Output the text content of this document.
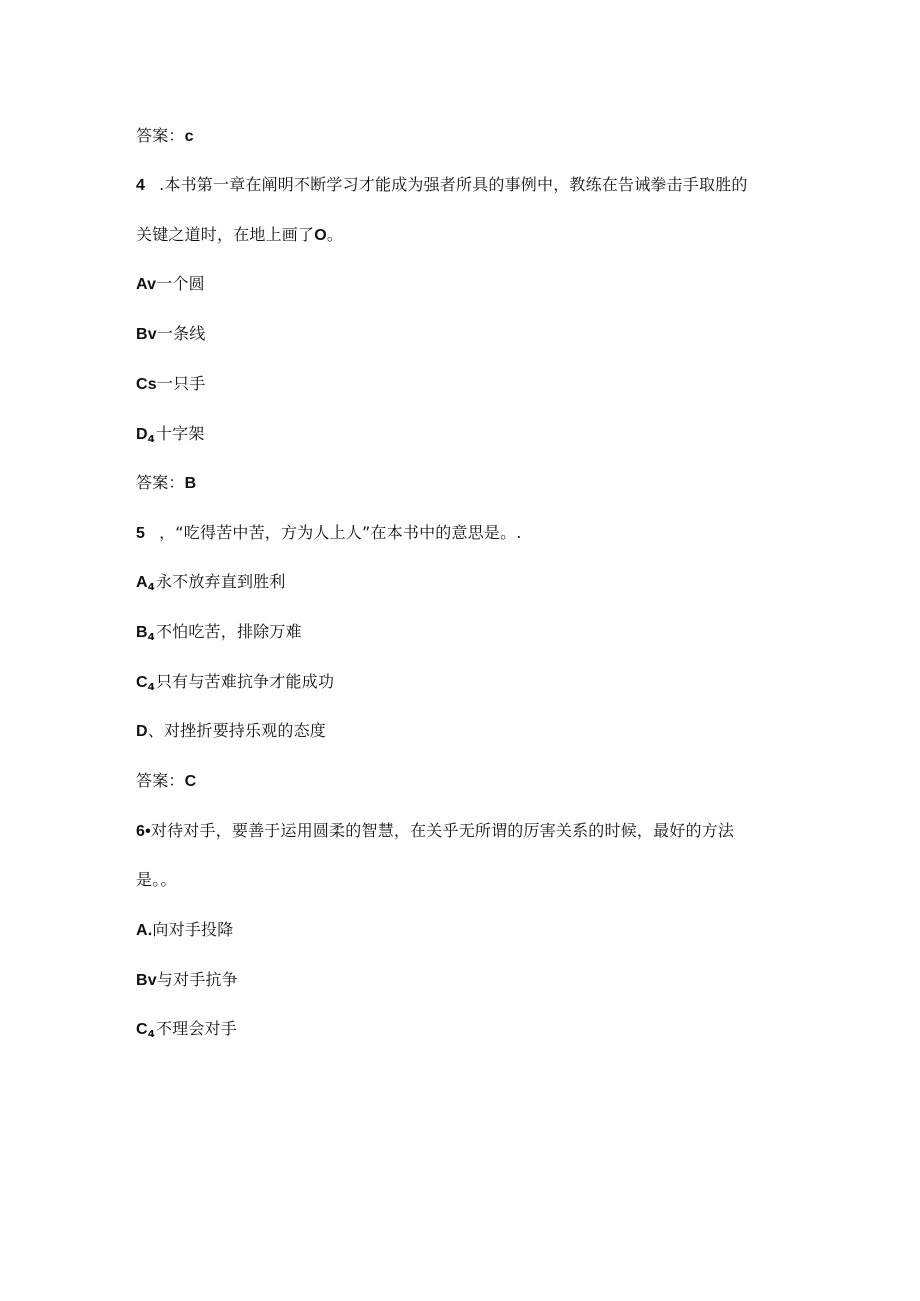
答案：c
4 .本书第一章在阐明不断学习才能成为强者所具的事例中，教练在告诫拳击手取胜的
关键之道时，在地上画了O。
Av一个圆
Bv一条线
Cs一只手
$D_4$十字架
答案：B
5 ，“吃得苦中苦，方为人上人”在本书中的意思是。.
$A_4$永不放弃直到胜利
$B_4$不怕吃苦，排除万难
$C_4$只有与苦难抗争才能成功
D、对挫折要持乐观的态度
答案：C
6•对待对手，要善于运用圆柔的智慧，在关乎无所谓的厉害关系的时候，最好的方法
是。。
A.向对手投降
Bv与对手抗争
$C_4$不理会对手
